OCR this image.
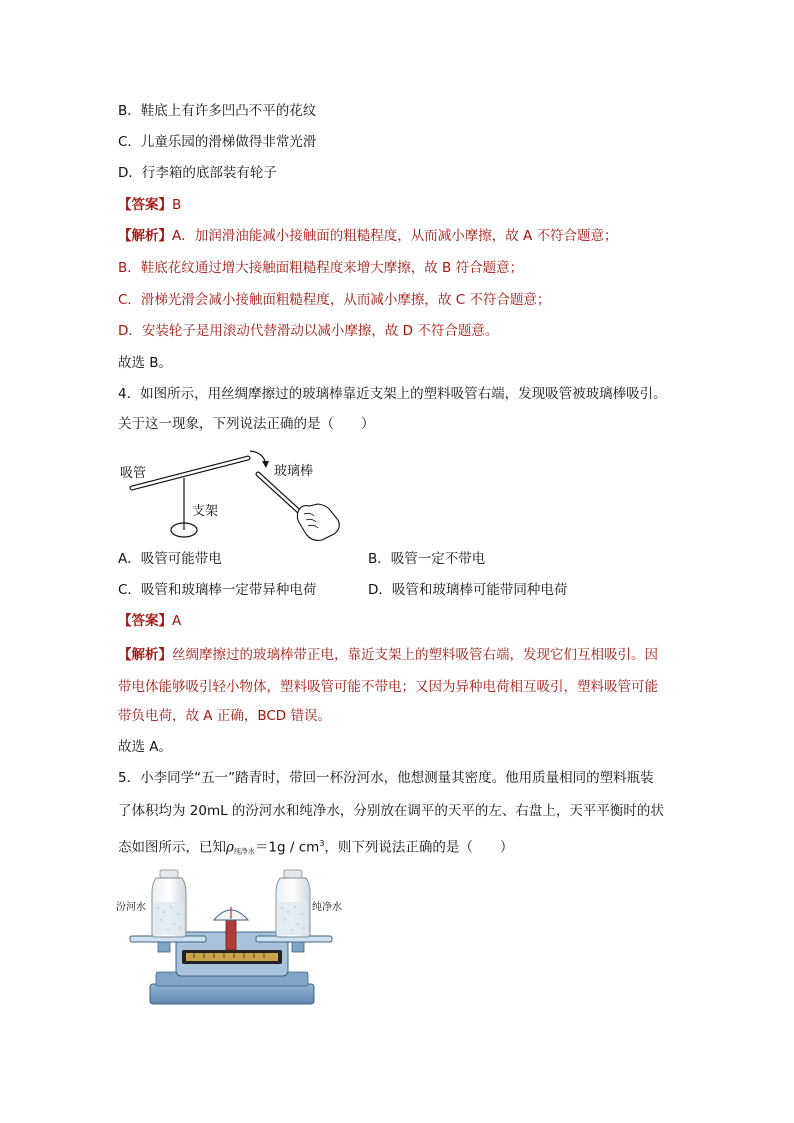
B．鞋底上有许多凹凸不平的花纹
C．儿童乐园的滑梯做得非常光滑
D．行李箱的底部装有轮子
【答案】B
【解析】A．加润滑油能减小接触面的粗糙程度，从而减小摩擦，故 A 不符合题意；
B．鞋底花纹通过增大接触面粗糙程度来增大摩擦，故 B 符合题意；
C．滑梯光滑会减小接触面粗糙程度，从而减小摩擦，故 C 不符合题意；
D．安装轮子是用滚动代替滑动以减小摩擦，故 D 不符合题意。
故选 B。
4．如图所示，用丝绸摩擦过的玻璃棒靠近支架上的塑料吸管右端，发现吸管被玻璃棒吸引。
关于这一现象，下列说法正确的是（　　）
吸管	玻璃棒
支架
A．吸管可能带电	B．吸管一定不带电
C．吸管和玻璃棒一定带异种电荷	D．吸管和玻璃棒可能带同种电荷
【答案】A
【解析】丝绸摩擦过的玻璃棒带正电，靠近支架上的塑料吸管右端，发现它们互相吸引。因
带电体能够吸引轻小物体，塑料吸管可能不带电；又因为异种电荷相互吸引，塑料吸管可能
带负电荷，故 A 正确，BCD 错误。
故选 A。
5．小李同学“五一”踏青时，带回一杯汾河水，他想测量其密度。他用质量相同的塑料瓶装
了体积均为 20mL 的汾河水和纯净水，分别放在调平的天平的左、右盘上，天平平衡时的状
态如图所示，已知$\rho_{纯净水}=1g / cm^3$，则下列说法正确的是（　　）
汾河水	纯净水
